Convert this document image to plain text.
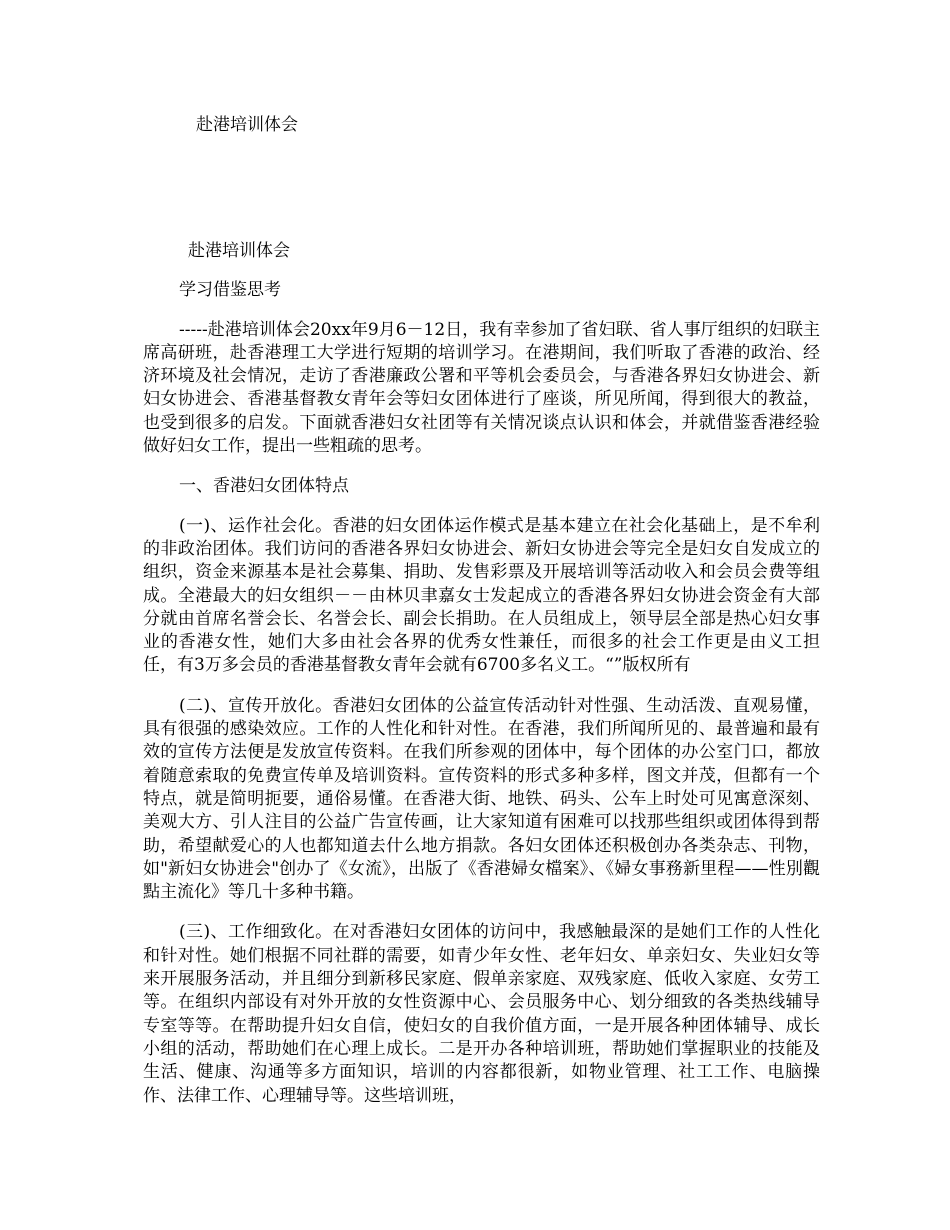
赴港培训体会
赴港培训体会
学习借鉴思考

-----赴港培训体会20xx年9月6－12日，我有幸参加了省妇联、省人事厅组织的妇联主席高研班，赴香港理工大学进行短期的培训学习。在港期间，我们听取了香港的政治、经济环境及社会情况，走访了香港廉政公署和平等机会委员会，与香港各界妇女协进会、新妇女协进会、香港基督教女青年会等妇女团体进行了座谈，所见所闻，得到很大的教益，也受到很多的启发。下面就香港妇女社团等有关情况谈点认识和体会，并就借鉴香港经验做好妇女工作，提出一些粗疏的思考。

一、香港妇女团体特点

(一)、运作社会化。香港的妇女团体运作模式是基本建立在社会化基础上，是不牟利的非政治团体。我们访问的香港各界妇女协进会、新妇女协进会等完全是妇女自发成立的组织，资金来源基本是社会募集、捐助、发售彩票及开展培训等活动收入和会员会费等组成。全港最大的妇女组织－－由林贝聿嘉女士发起成立的香港各界妇女协进会资金有大部分就由首席名誉会长、名誉会长、副会长捐助。在人员组成上，领导层全部是热心妇女事业的香港女性，她们大多由社会各界的优秀女性兼任，而很多的社会工作更是由义工担任，有3万多会员的香港基督教女青年会就有6700多名义工。“”版权所有

(二)、宣传开放化。香港妇女团体的公益宣传活动针对性强、生动活泼、直观易懂，具有很强的感染效应。工作的人性化和针对性。在香港，我们所闻所见的、最普遍和最有效的宣传方法便是发放宣传资料。在我们所参观的团体中，每个团体的办公室门口，都放着随意索取的免费宣传单及培训资料。宣传资料的形式多种多样，图文并茂，但都有一个特点，就是简明扼要，通俗易懂。在香港大街、地铁、码头、公车上时处可见寓意深刻、美观大方、引人注目的公益广告宣传画，让大家知道有困难可以找那些组织或团体得到帮助，希望献爱心的人也都知道去什么地方捐款。各妇女团体还积极创办各类杂志、刊物，如"新妇女协进会"创办了《女流》，出版了《香港婦女檔案》、《婦女事務新里程——性別觀點主流化》等几十多种书籍。

(三)、工作细致化。在对香港妇女团体的访问中，我感触最深的是她们工作的人性化和针对性。她们根据不同社群的需要，如青少年女性、老年妇女、单亲妇女、失业妇女等来开展服务活动，并且细分到新移民家庭、假单亲家庭、双残家庭、低收入家庭、女劳工等。在组织内部设有对外开放的女性资源中心、会员服务中心、划分细致的各类热线辅导专室等等。在帮助提升妇女自信，使妇女的自我价值方面，一是开展各种团体辅导、成长小组的活动，帮助她们在心理上成长。二是开办各种培训班，帮助她们掌握职业的技能及生活、健康、沟通等多方面知识，培训的内容都很新，如物业管理、社工工作、电脑操作、法律工作、心理辅导等。这些培训班，
